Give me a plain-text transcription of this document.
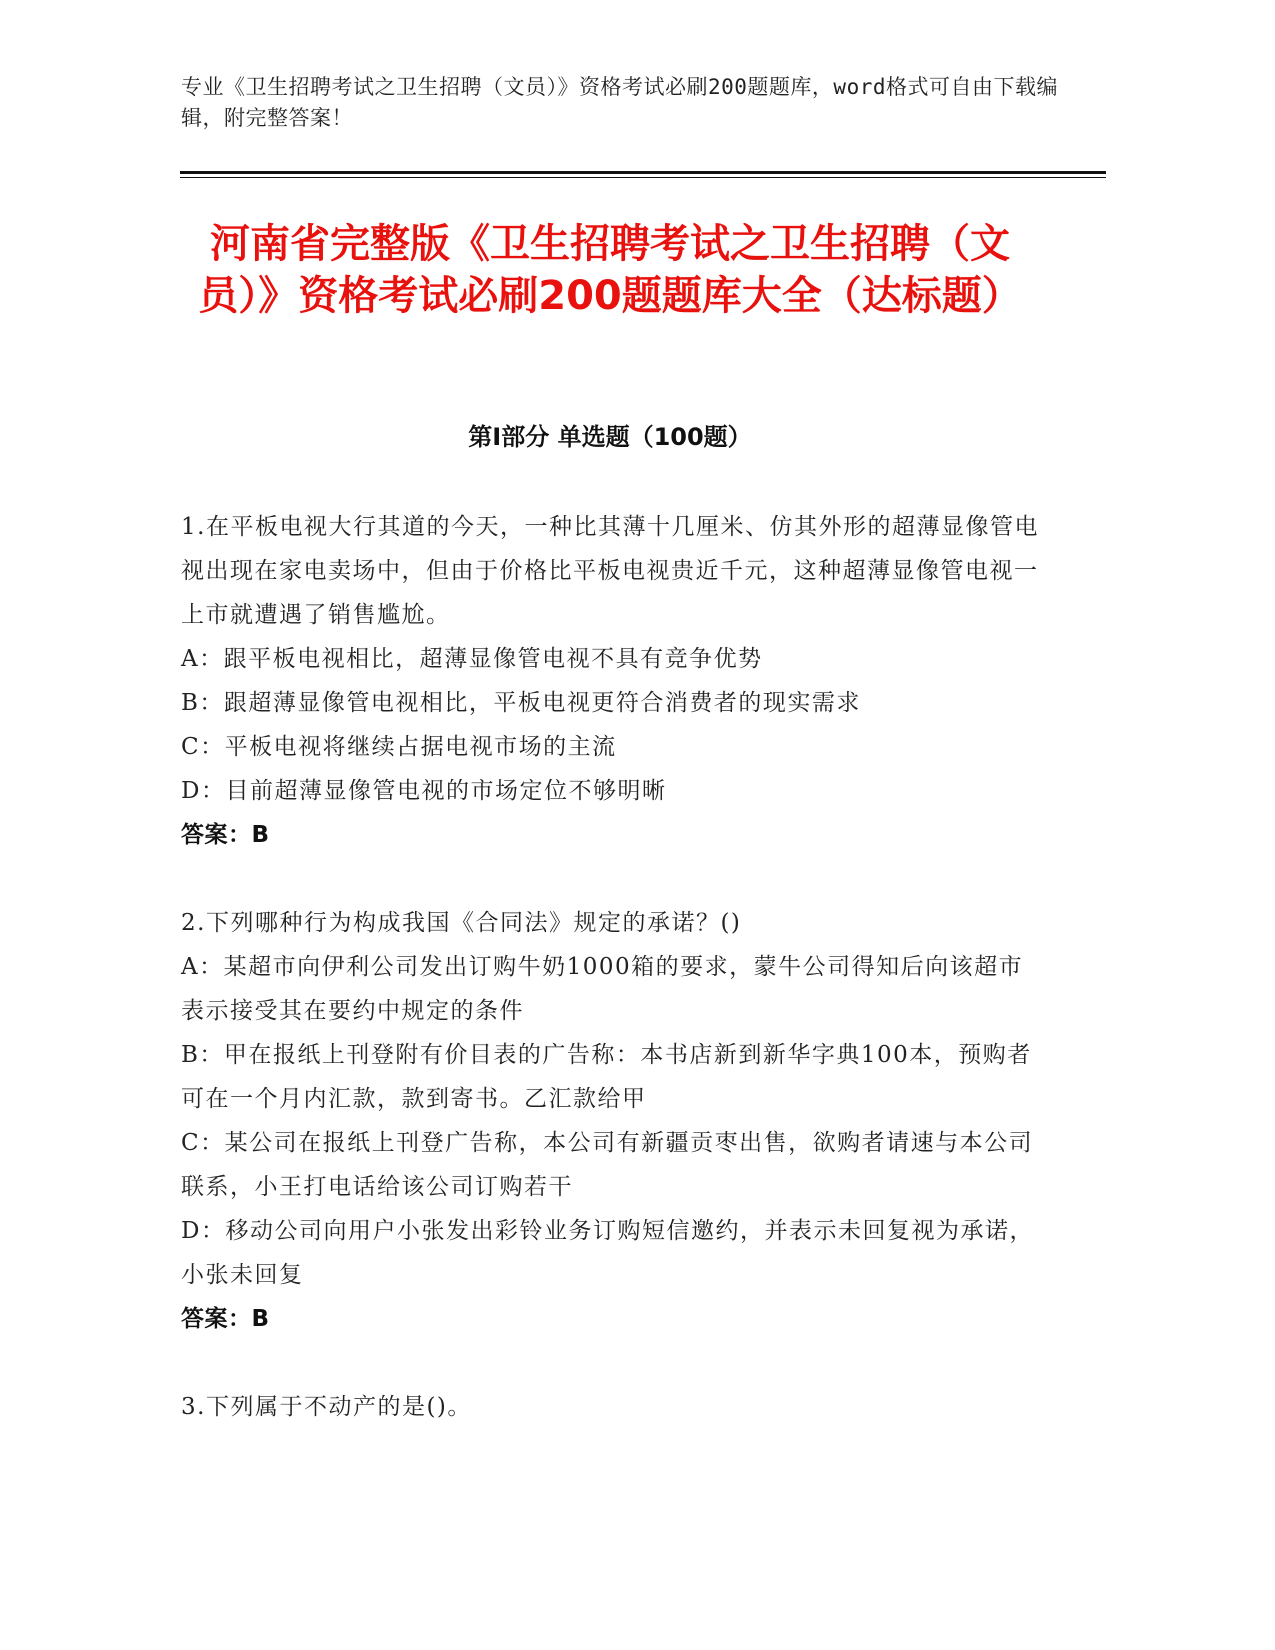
专业《卫生招聘考试之卫生招聘（文员）》资格考试必刷200题题库，word格式可自由下载编辑，附完整答案！
河南省完整版《卫生招聘考试之卫生招聘（文员）》资格考试必刷200题题库大全（达标题）
第I部分 单选题（100题）

1.在平板电视大行其道的今天，一种比其薄十几厘米、仿其外形的超薄显像管电视出现在家电卖场中，但由于价格比平板电视贵近千元，这种超薄显像管电视一上市就遭遇了销售尴尬。

A：跟平板电视相比，超薄显像管电视不具有竞争优势

B：跟超薄显像管电视相比，平板电视更符合消费者的现实需求

C：平板电视将继续占据电视市场的主流

D：目前超薄显像管电视的市场定位不够明晰

答案：B

2.下列哪种行为构成我国《合同法》规定的承诺？()

A：某超市向伊利公司发出订购牛奶1000箱的要求，蒙牛公司得知后向该超市表示接受其在要约中规定的条件

B：甲在报纸上刊登附有价目表的广告称：本书店新到新华字典100本，预购者可在一个月内汇款，款到寄书。乙汇款给甲

C：某公司在报纸上刊登广告称，本公司有新疆贡枣出售，欲购者请速与本公司联系，小王打电话给该公司订购若干

D：移动公司向用户小张发出彩铃业务订购短信邀约，并表示未回复视为承诺，小张未回复

答案：B

3.下列属于不动产的是()。
